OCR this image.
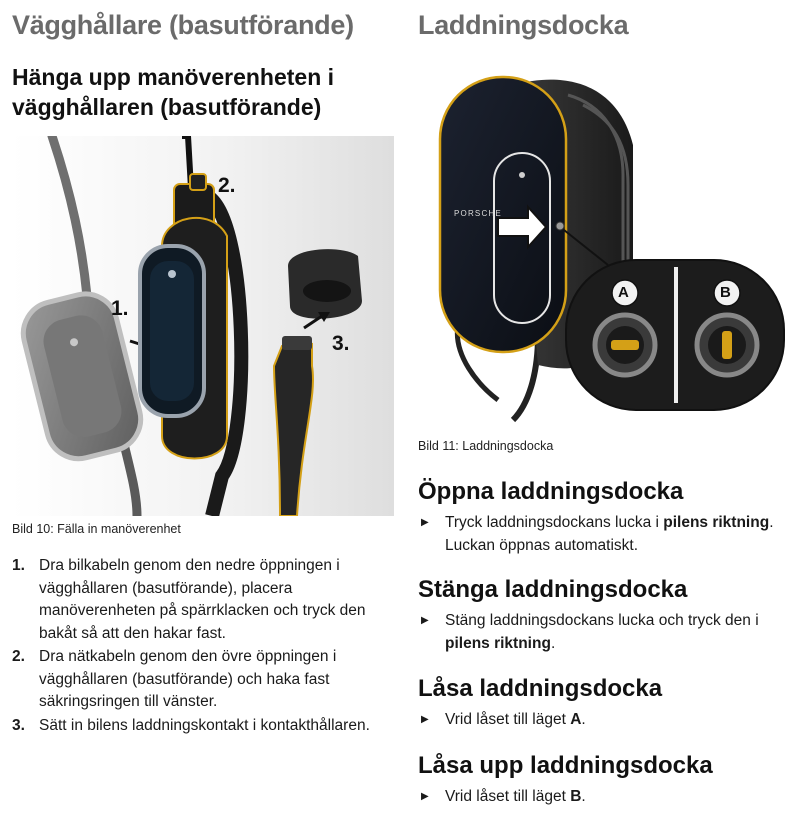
Vägghållare (basutförande)
Hänga upp manöverenheten i vägghållaren (basutförande)
1.
2.
3.
Bild 10: Fälla in manöverenhet
1. Dra bilkabeln genom den nedre öppningen i vägghållaren (basutförande), placera manöverenheten på spärrklacken och tryck den bakåt så att den hakar fast.
2. Dra nätkabeln genom den övre öppningen i vägghållaren (basutförande) och haka fast säkringsringen till vänster.
3. Sätt in bilens laddningskontakt i kontakthållaren.
Laddningsdocka
PORSCHE
A	B
Bild 11: Laddningsdocka
Öppna laddningsdocka
▶ Tryck laddningsdockans lucka i pilens riktning.
Luckan öppnas automatiskt.
Stänga laddningsdocka
▶ Stäng laddningsdockans lucka och tryck den i pilens riktning.
Låsa laddningsdocka
▶ Vrid låset till läget A.
Låsa upp laddningsdocka
▶ Vrid låset till läget B.
